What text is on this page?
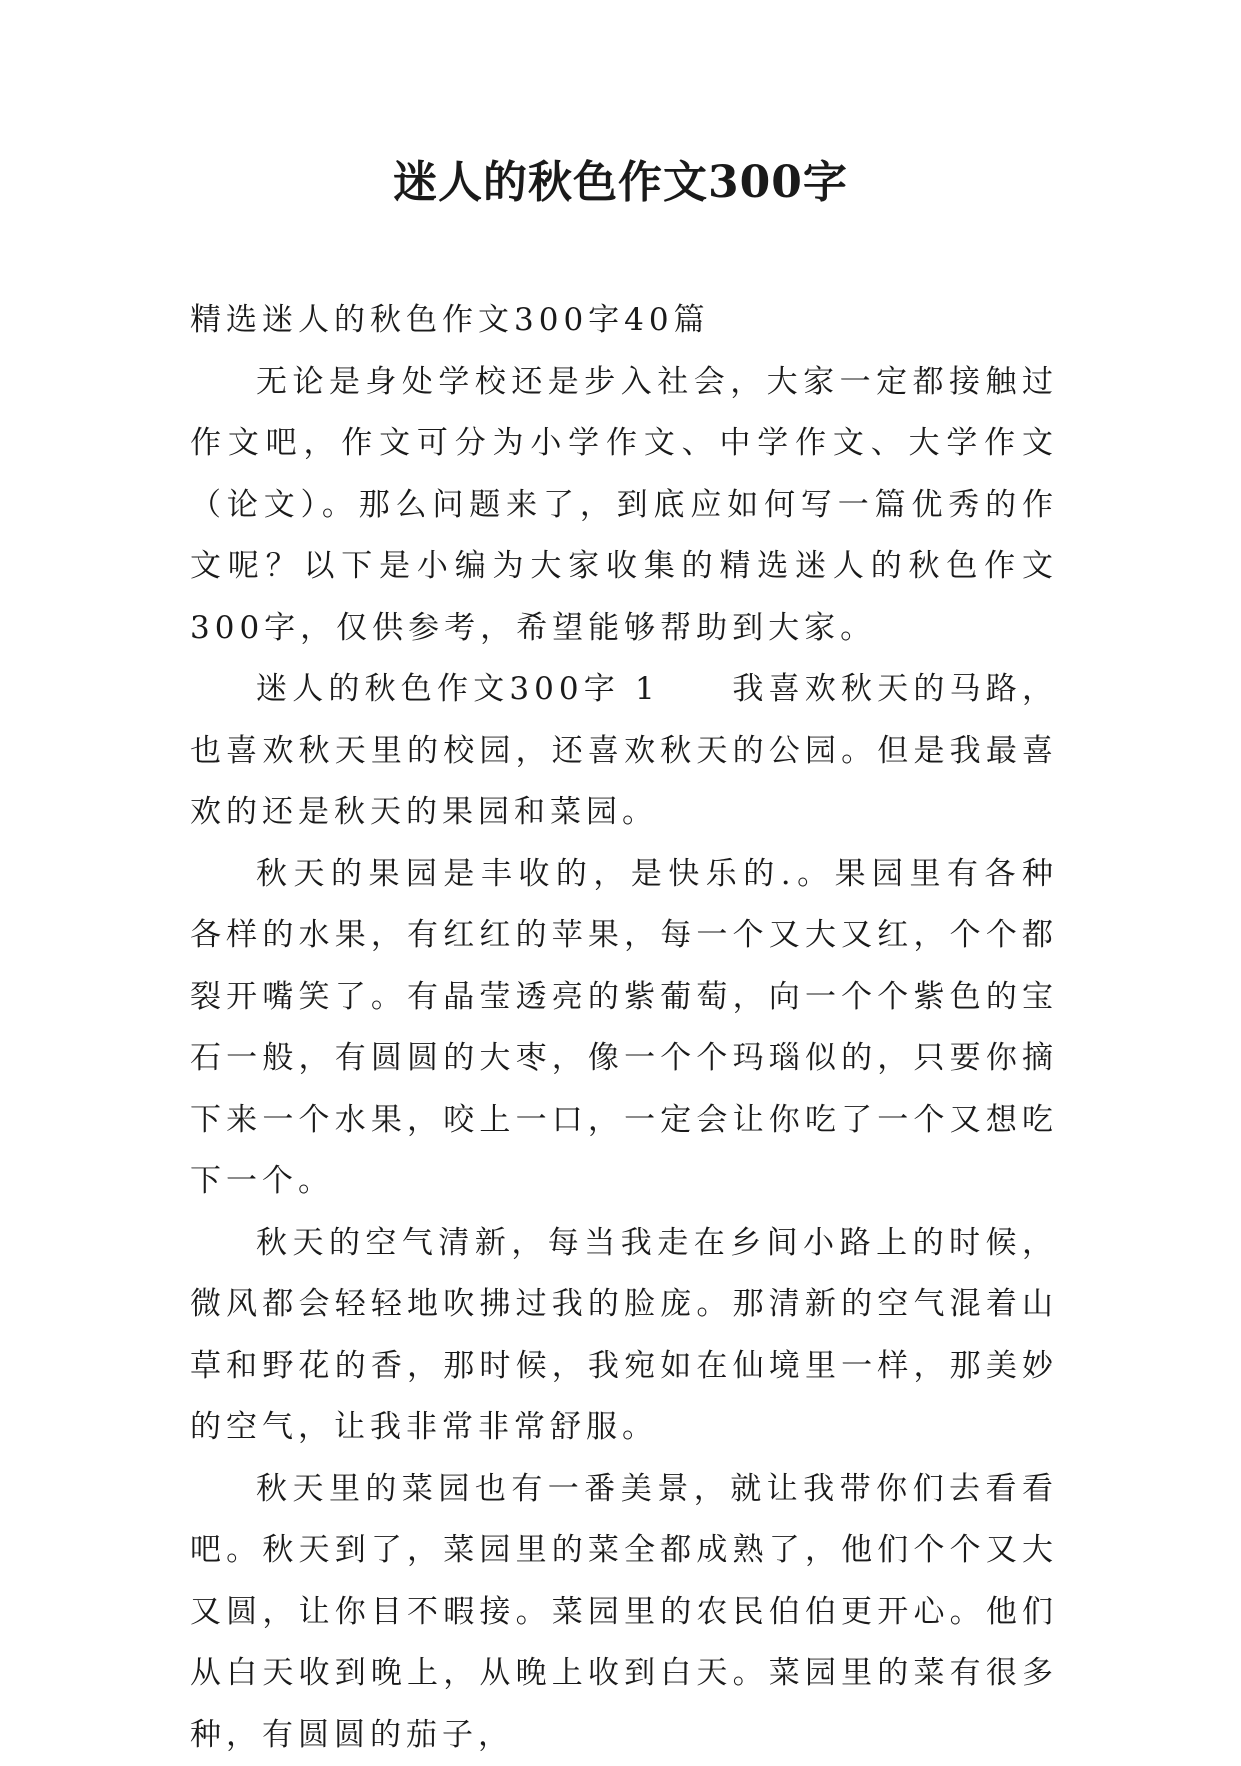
迷人的秋色作文300字

精选迷人的秋色作文300字40篇

无论是身处学校还是步入社会，大家一定都接触过作文吧，作文可分为小学作文、中学作文、大学作文（论文）。那么问题来了，到底应如何写一篇优秀的作文呢？以下是小编为大家收集的精选迷人的秋色作文300字，仅供参考，希望能够帮助到大家。

迷人的秋色作文300字 1　　我喜欢秋天的马路，也喜欢秋天里的校园，还喜欢秋天的公园。但是我最喜欢的还是秋天的果园和菜园。

秋天的果园是丰收的，是快乐的.。果园里有各种各样的水果，有红红的苹果，每一个又大又红，个个都裂开嘴笑了。有晶莹透亮的紫葡萄，向一个个紫色的宝石一般，有圆圆的大枣，像一个个玛瑙似的，只要你摘下来一个水果，咬上一口，一定会让你吃了一个又想吃下一个。

秋天的空气清新，每当我走在乡间小路上的时候，微风都会轻轻地吹拂过我的脸庞。那清新的空气混着山草和野花的香，那时候，我宛如在仙境里一样，那美妙的空气，让我非常非常舒服。

秋天里的菜园也有一番美景，就让我带你们去看看吧。秋天到了，菜园里的菜全都成熟了，他们个个又大又圆，让你目不暇接。菜园里的农民伯伯更开心。他们从白天收到晚上，从晚上收到白天。菜园里的菜有很多种，有圆圆的茄子，
